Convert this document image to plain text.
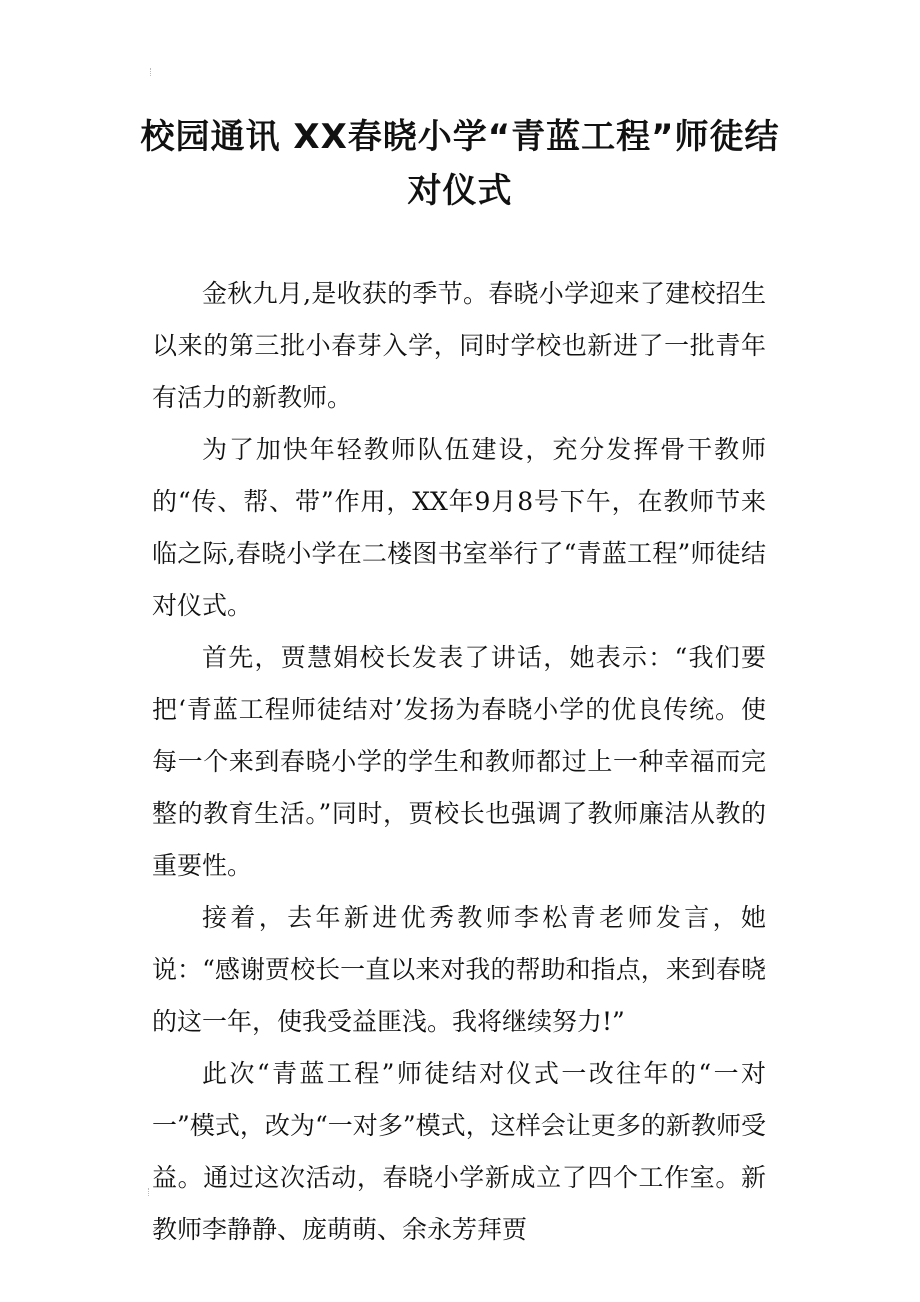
校园通讯 XX春晓小学“青蓝工程”师徒结对仪式

金秋九月,是收获的季节。春晓小学迎来了建校招生以来的第三批小春芽入学，同时学校也新进了一批青年有活力的新教师。

为了加快年轻教师队伍建设，充分发挥骨干教师的“传、帮、带”作用，XX年9月8号下午，在教师节来临之际,春晓小学在二楼图书室举行了“青蓝工程”师徒结对仪式。

首先，贾慧娟校长发表了讲话，她表示：“我们要把‘青蓝工程师徒结对’发扬为春晓小学的优良传统。使每一个来到春晓小学的学生和教师都过上一种幸福而完整的教育生活。”同时，贾校长也强调了教师廉洁从教的重要性。

接着，去年新进优秀教师李松青老师发言，她说：“感谢贾校长一直以来对我的帮助和指点，来到春晓的这一年，使我受益匪浅。我将继续努力!”

此次“青蓝工程”师徒结对仪式一改往年的“一对一”模式，改为“一对多”模式，这样会让更多的新教师受益。通过这次活动，春晓小学新成立了四个工作室。新教师李静静、庞萌萌、余永芳拜贾
